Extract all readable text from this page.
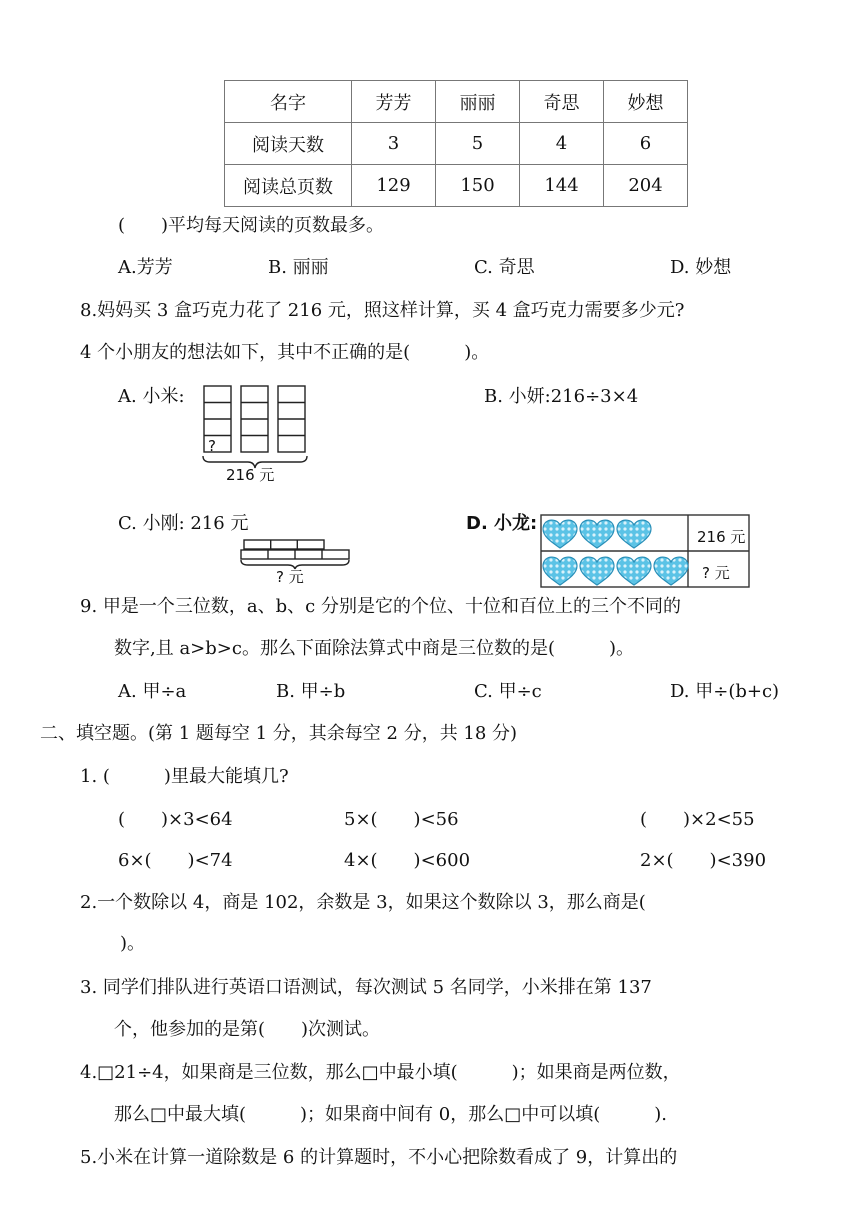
名字	芳芳	丽丽	奇思	妙想
阅读天数	3	5	4	6
阅读总页数	129	150	144	204
(　　)平均每天阅读的页数最多。
A.芳芳	B. 丽丽	C. 奇思	D. 妙想
8.妈妈买 3 盒巧克力花了 216 元，照这样计算，买 4 盒巧克力需要多少元?
4 个小朋友的想法如下，其中不正确的是(　　　)。
A. 小米:
?
216 元
B. 小妍:216÷3×4
C. 小刚: 216 元
? 元
D. 小龙:
216 元
? 元
9. 甲是一个三位数，a、b、c 分别是它的个位、十位和百位上的三个不同的
数字,且 a>b>c。那么下面除法算式中商是三位数的是(　　　)。
A. 甲÷a	B. 甲÷b	C. 甲÷c	D. 甲÷(b+c)
二、填空题。(第 1 题每空 1 分，其余每空 2 分，共 18 分)
1. (　　　)里最大能填几?
(　　)×3<64	5×(　　)<56	(　　)×2<55
6×(　　)<74	4×(　　)<600	2×(　　)<390
2.一个数除以 4，商是 102，余数是 3，如果这个数除以 3，那么商是(
)。
3. 同学们排队进行英语口语测试，每次测试 5 名同学，小米排在第 137
个，他参加的是第(　　)次测试。
4.□21÷4，如果商是三位数，那么□中最小填(　　　)；如果商是两位数，
那么□中最大填(　　　)；如果商中间有 0，那么□中可以填(　　　).
5.小米在计算一道除数是 6 的计算题时，不小心把除数看成了 9，计算出的
